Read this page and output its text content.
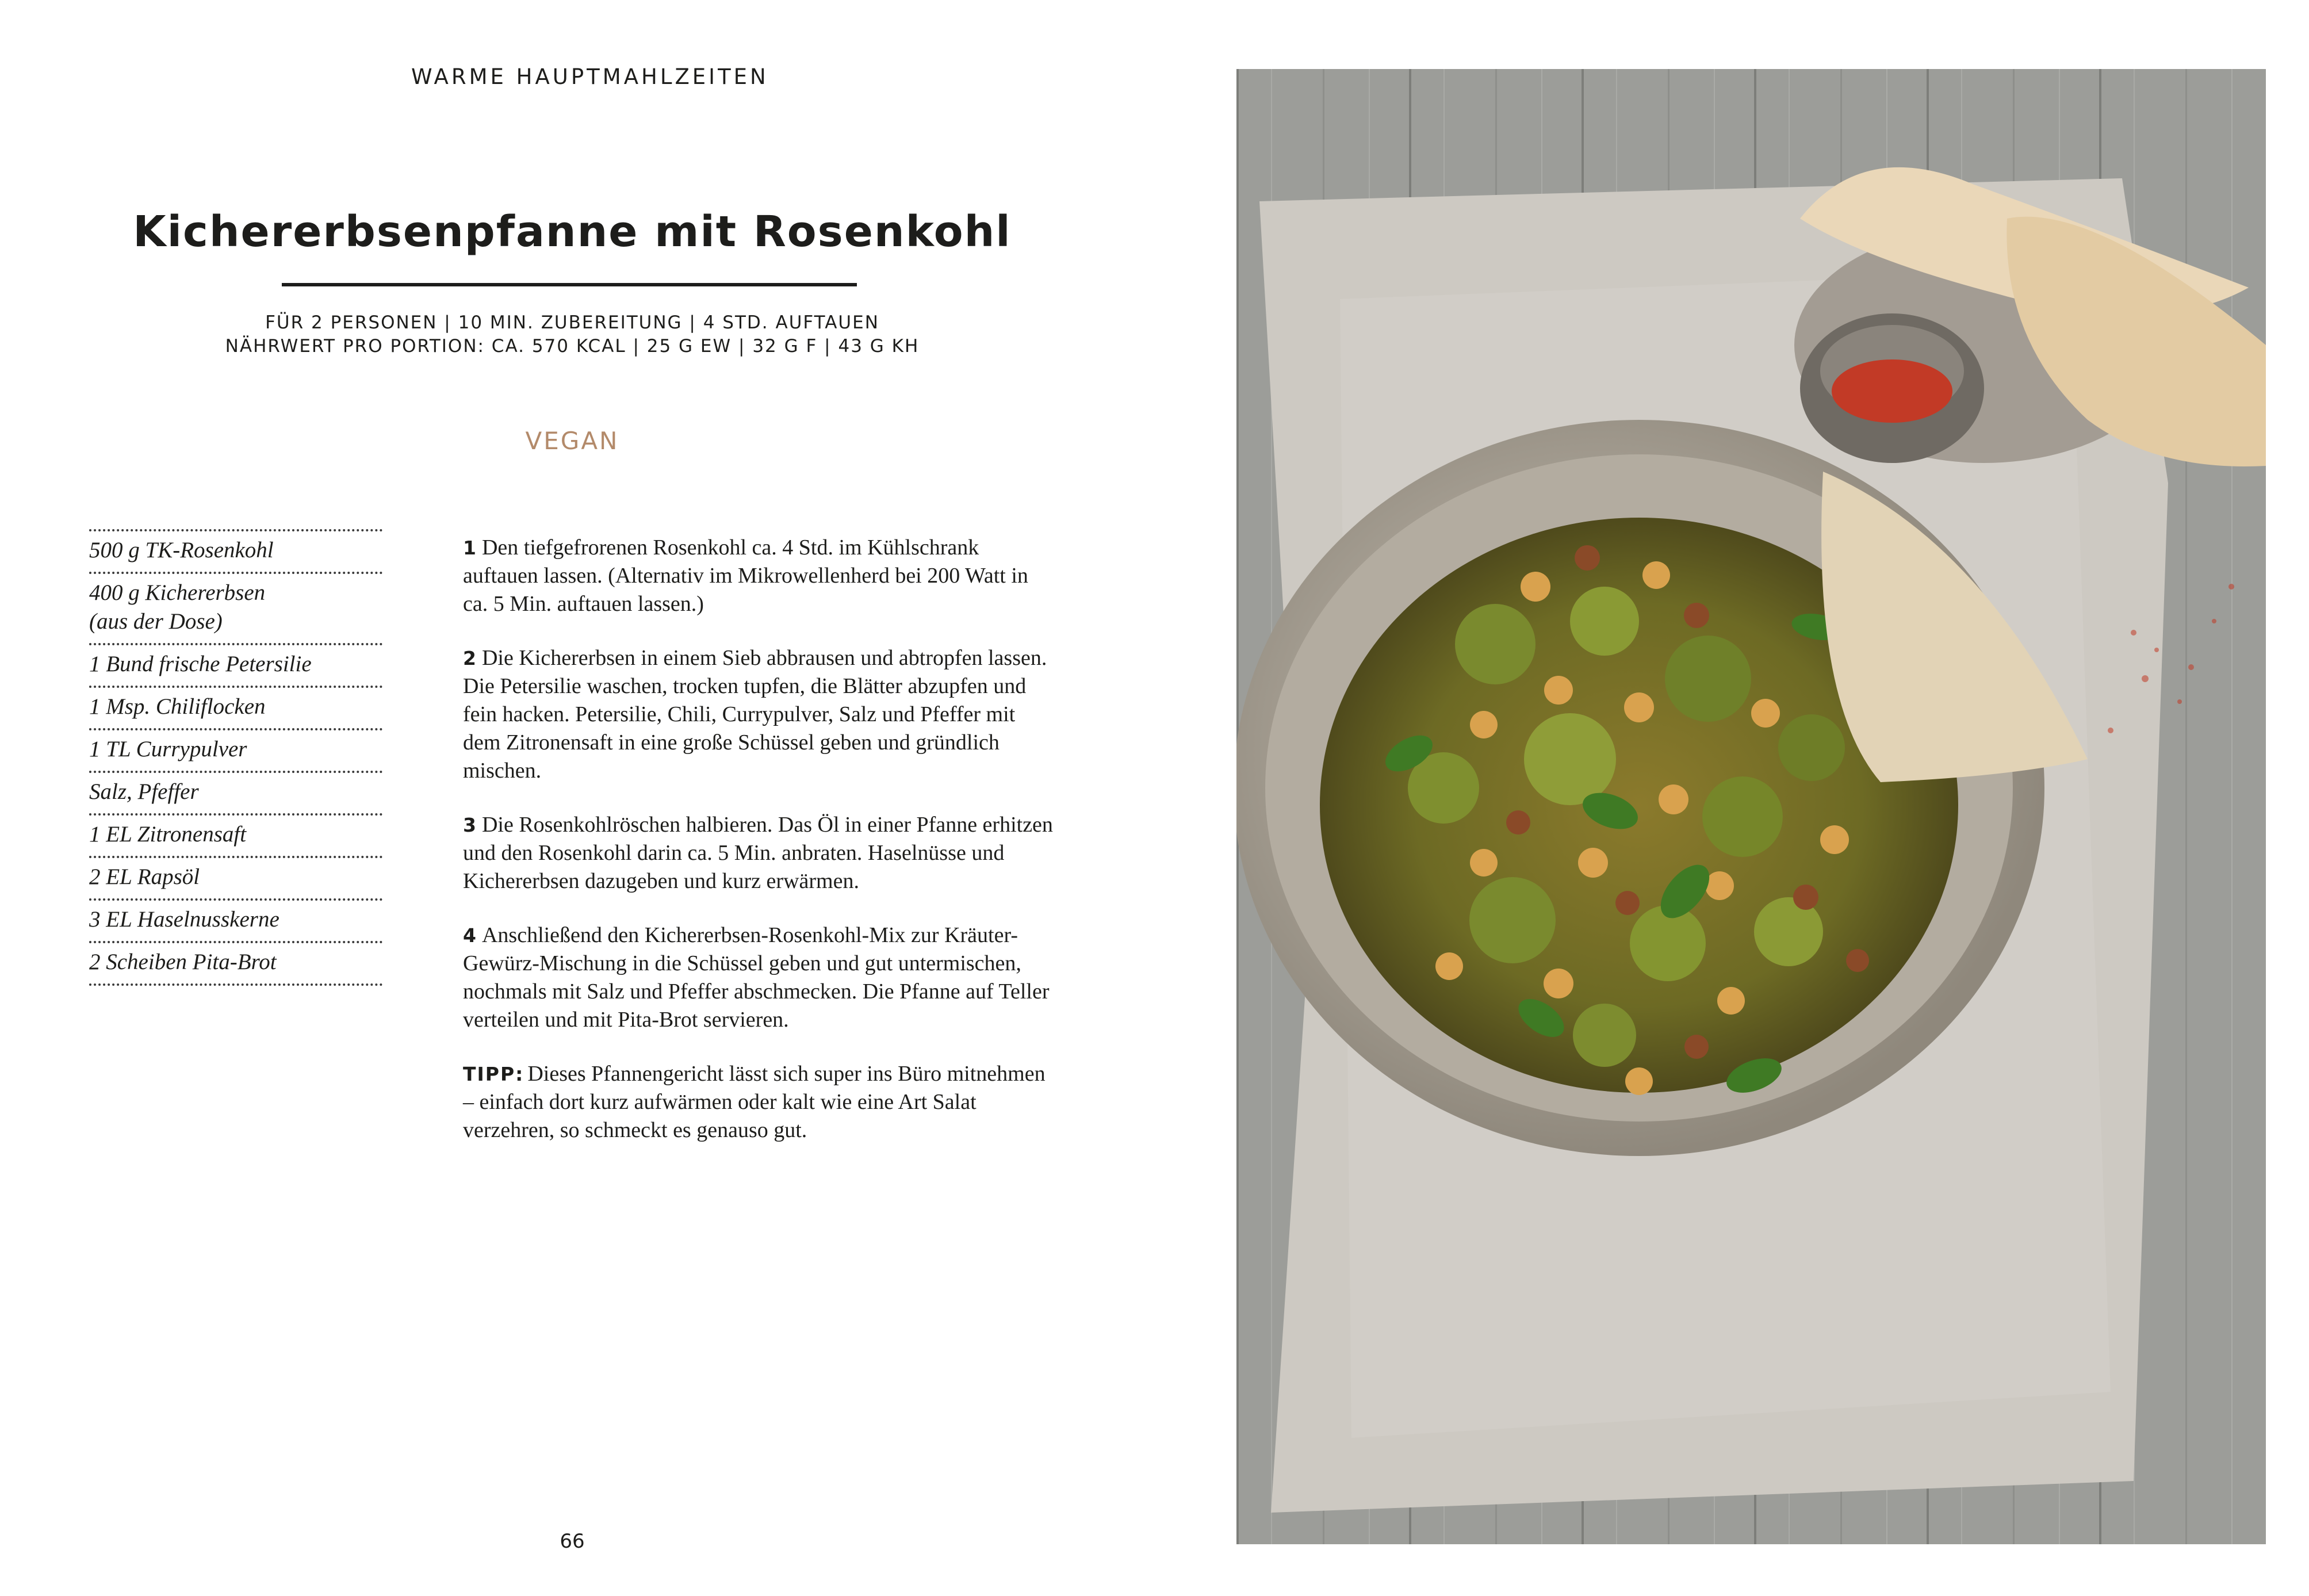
WARME HAUPTMAHLZEITEN
Kichererbsenpfanne mit Rosenkohl
FÜR 2 PERSONEN | 10 MIN. ZUBEREITUNG | 4 STD. AUFTAUEN
NÄHRWERT PRO PORTION: CA. 570 KCAL | 25 G EW | 32 G F | 43 G KH
VEGAN
500 g TK-Rosenkohl
400 g Kichererbsen
(aus der Dose)
1 Bund frische Petersilie
1 Msp. Chiliflocken
1 TL Currypulver
Salz, Pfeffer
1 EL Zitronensaft
2 EL Rapsöl
3 EL Haselnusskerne
2 Scheiben Pita-Brot

1 Den tiefgefrorenen Rosenkohl ca. 4 Std. im Kühlschrank auftauen lassen. (Alternativ im Mikrowellenherd bei 200 Watt in ca. 5 Min. auftauen lassen.)

2 Die Kichererbsen in einem Sieb abbrausen und abtropfen lassen. Die Petersilie waschen, trocken tupfen, die Blätter abzupfen und fein hacken. Petersilie, Chili, Currypulver, Salz und Pfeffer mit dem Zitronensaft in eine große Schüssel geben und gründlich mischen.

3 Die Rosenkohlröschen halbieren. Das Öl in einer Pfanne erhitzen und den Rosenkohl darin ca. 5 Min. anbraten. Haselnüsse und Kichererbsen dazugeben und kurz erwärmen.

4 Anschließend den Kichererbsen-Rosenkohl-Mix zur Kräuter-Gewürz-Mischung in die Schüssel geben und gut untermischen, nochmals mit Salz und Pfeffer abschmecken. Die Pfanne auf Teller verteilen und mit Pita-Brot servieren.

TIPP: Dieses Pfannengericht lässt sich super ins Büro mitnehmen – einfach dort kurz aufwärmen oder kalt wie eine Art Salat verzehren, so schmeckt es genauso gut.

66
